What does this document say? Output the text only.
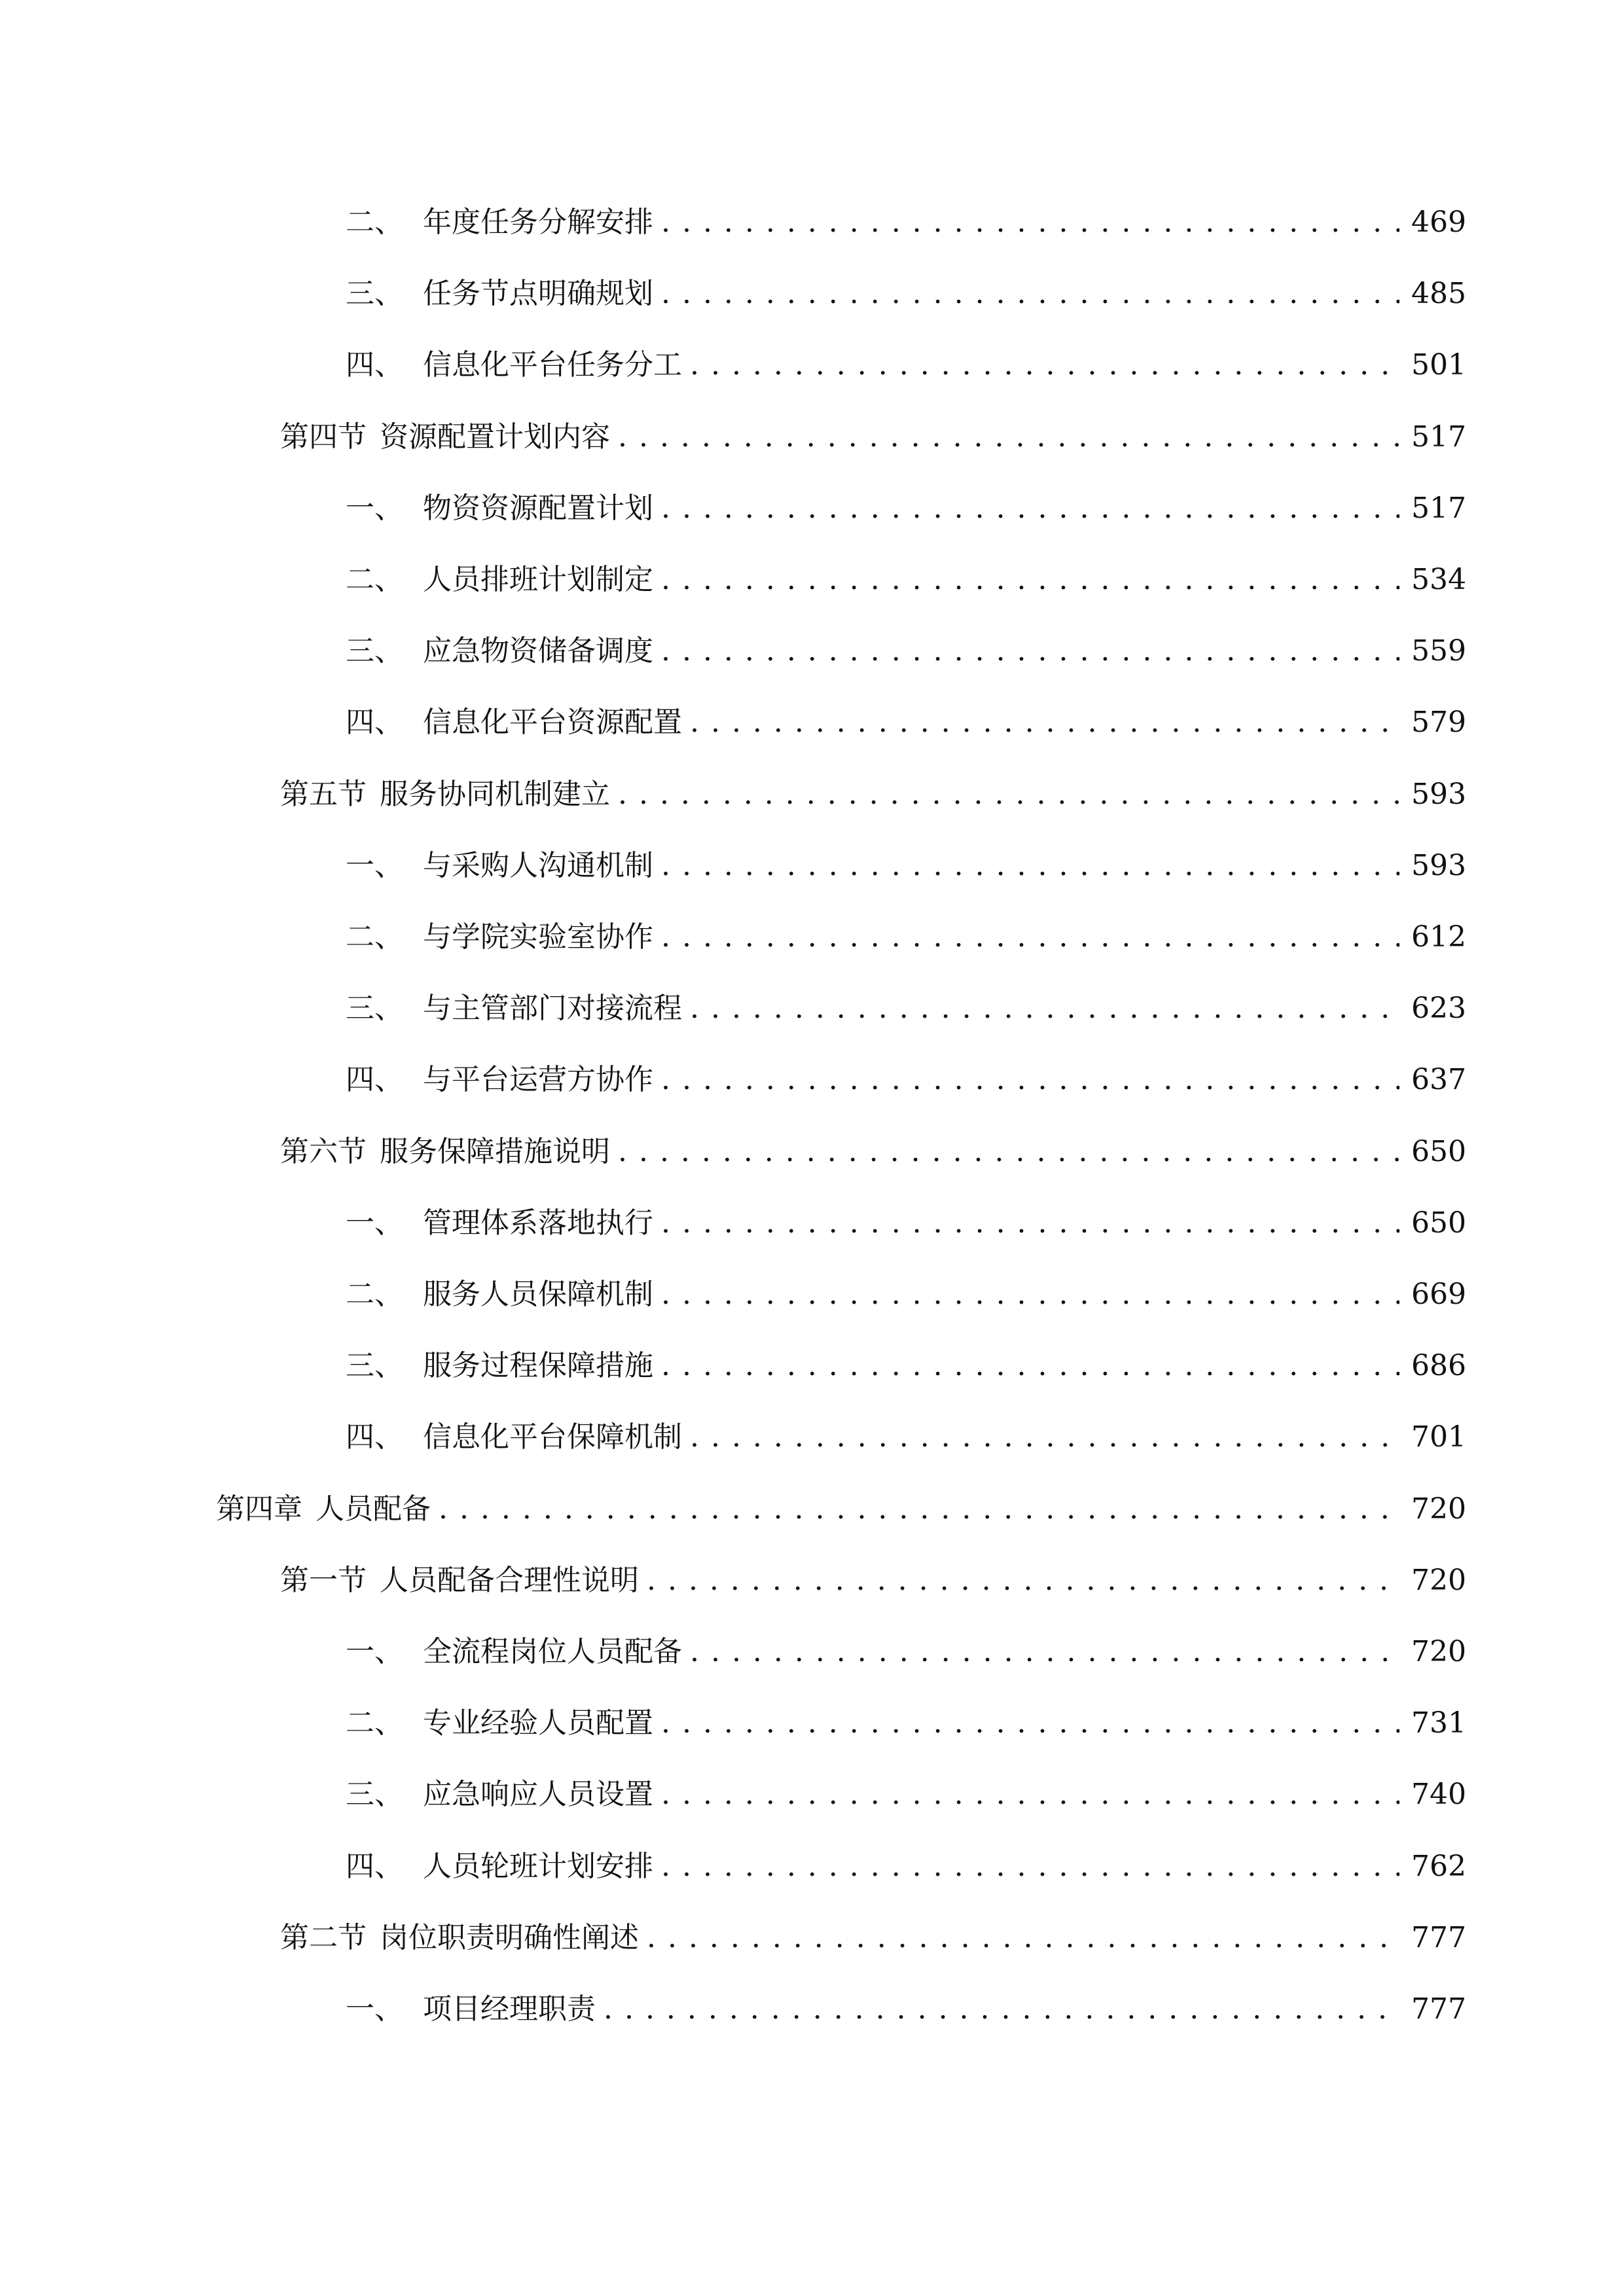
二、 年度任务分解安排 . . .	469
三、 任务节点明确规划 . . .	485
四、 信息化平台任务分工 . . .	501
第四节 资源配置计划内容 . . .	517
一、 物资资源配置计划 . . .	517
二、 人员排班计划制定 . . .	534
三、 应急物资储备调度 . . .	559
四、 信息化平台资源配置 . . .	579
第五节 服务协同机制建立 . . .	593
一、 与采购人沟通机制 . . .	593
二、 与学院实验室协作 . . .	612
三、 与主管部门对接流程 . . .	623
四、 与平台运营方协作 . . .	637
第六节 服务保障措施说明 . . .	650
一、 管理体系落地执行 . . .	650
二、 服务人员保障机制 . . .	669
三、 服务过程保障措施 . . .	686
四、 信息化平台保障机制 . . .	701
第四章 人员配备 . . .	720
第一节 人员配备合理性说明 . . .	720
一、 全流程岗位人员配备 . . .	720
二、 专业经验人员配置 . . .	731
三、 应急响应人员设置 . . .	740
四、 人员轮班计划安排 . . .	762
第二节 岗位职责明确性阐述 . . .	777
一、 项目经理职责 . . .	777
